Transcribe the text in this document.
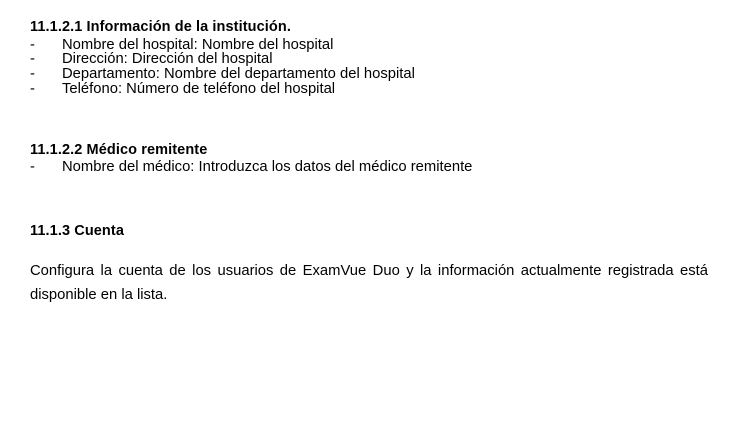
11.1.2.1 Información de la institución.
- Nombre del hospital: Nombre del hospital
- Dirección: Dirección del hospital
- Departamento: Nombre del departamento del hospital
- Teléfono: Número de teléfono del hospital
11.1.2.2 Médico remitente
- Nombre del médico: Introduzca los datos del médico remitente
11.1.3 Cuenta

Configura la cuenta de los usuarios de ExamVue Duo y la información actualmente registrada está disponible en la lista.
